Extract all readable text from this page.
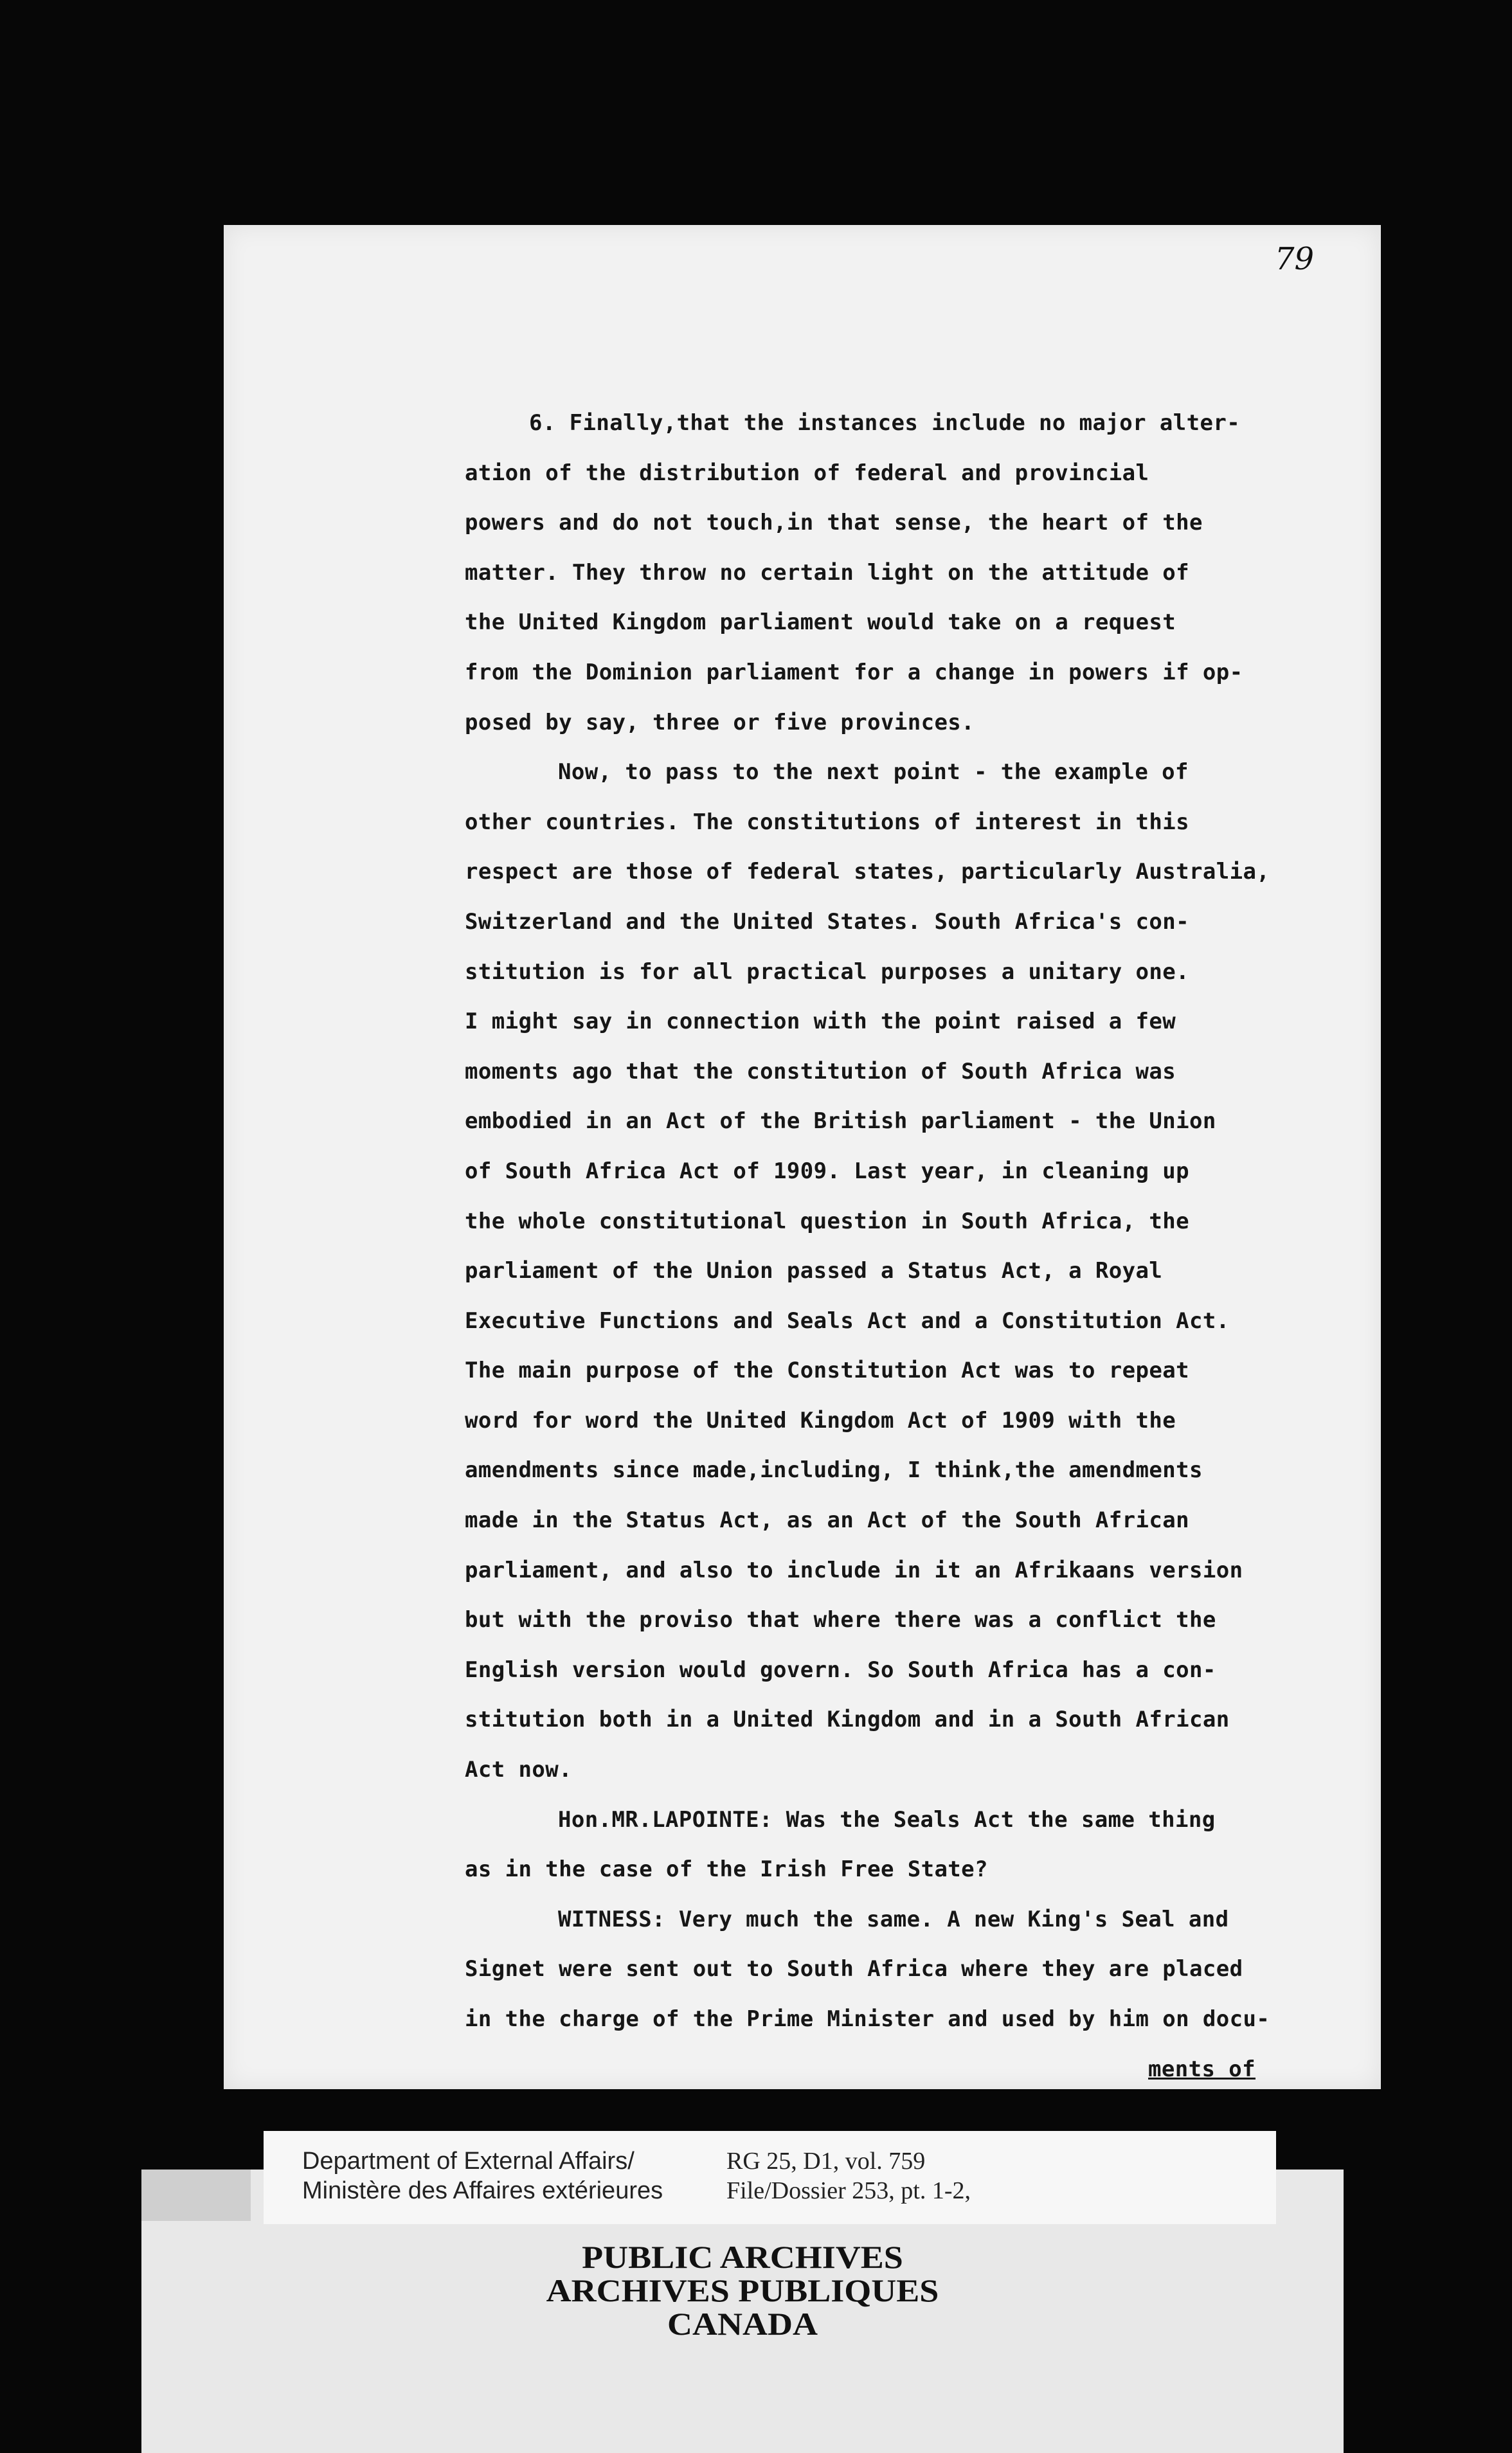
79
6. Finally,that the instances include no major alter-
ation of the distribution of federal and provincial
powers and do not touch,in that sense, the heart of the
matter. They throw no certain light on the attitude of
the United Kingdom parliament would take on a request
from the Dominion parliament for a change in powers if op-
posed by say, three or five provinces.
Now, to pass to the next point - the example of
other countries. The constitutions of interest in this
respect are those of federal states, particularly Australia,
Switzerland and the United States. South Africa's con-
stitution is for all practical purposes a unitary one.
I might say in connection with the point raised a few
moments ago that the constitution of South Africa was
embodied in an Act of the British parliament - the Union
of South Africa Act of 1909. Last year, in cleaning up
the whole constitutional question in South Africa, the
parliament of the Union passed a Status Act, a Royal
Executive Functions and Seals Act and a Constitution Act.
The main purpose of the Constitution Act was to repeat
word for word the United Kingdom Act of 1909 with the
amendments since made,including, I think,the amendments
made in the Status Act, as an Act of the South African
parliament, and also to include in it an Afrikaans version
but with the proviso that where there was a conflict the
English version would govern. So South Africa has a con-
stitution both in a United Kingdom and in a South African
Act now.
Hon.MR.LAPOINTE: Was the Seals Act the same thing
as in the case of the Irish Free State?
WITNESS: Very much the same. A new King's Seal and
Signet were sent out to South Africa where they are placed
in the charge of the Prime Minister and used by him on docu-
ments of
PUBLIC ARCHIVES
ARCHIVES PUBLIQUES
CANADA
Department of External Affairs/
Ministère des Affaires extérieures
RG 25, D1, vol. 759
File/Dossier 253, pt. 1-2,
